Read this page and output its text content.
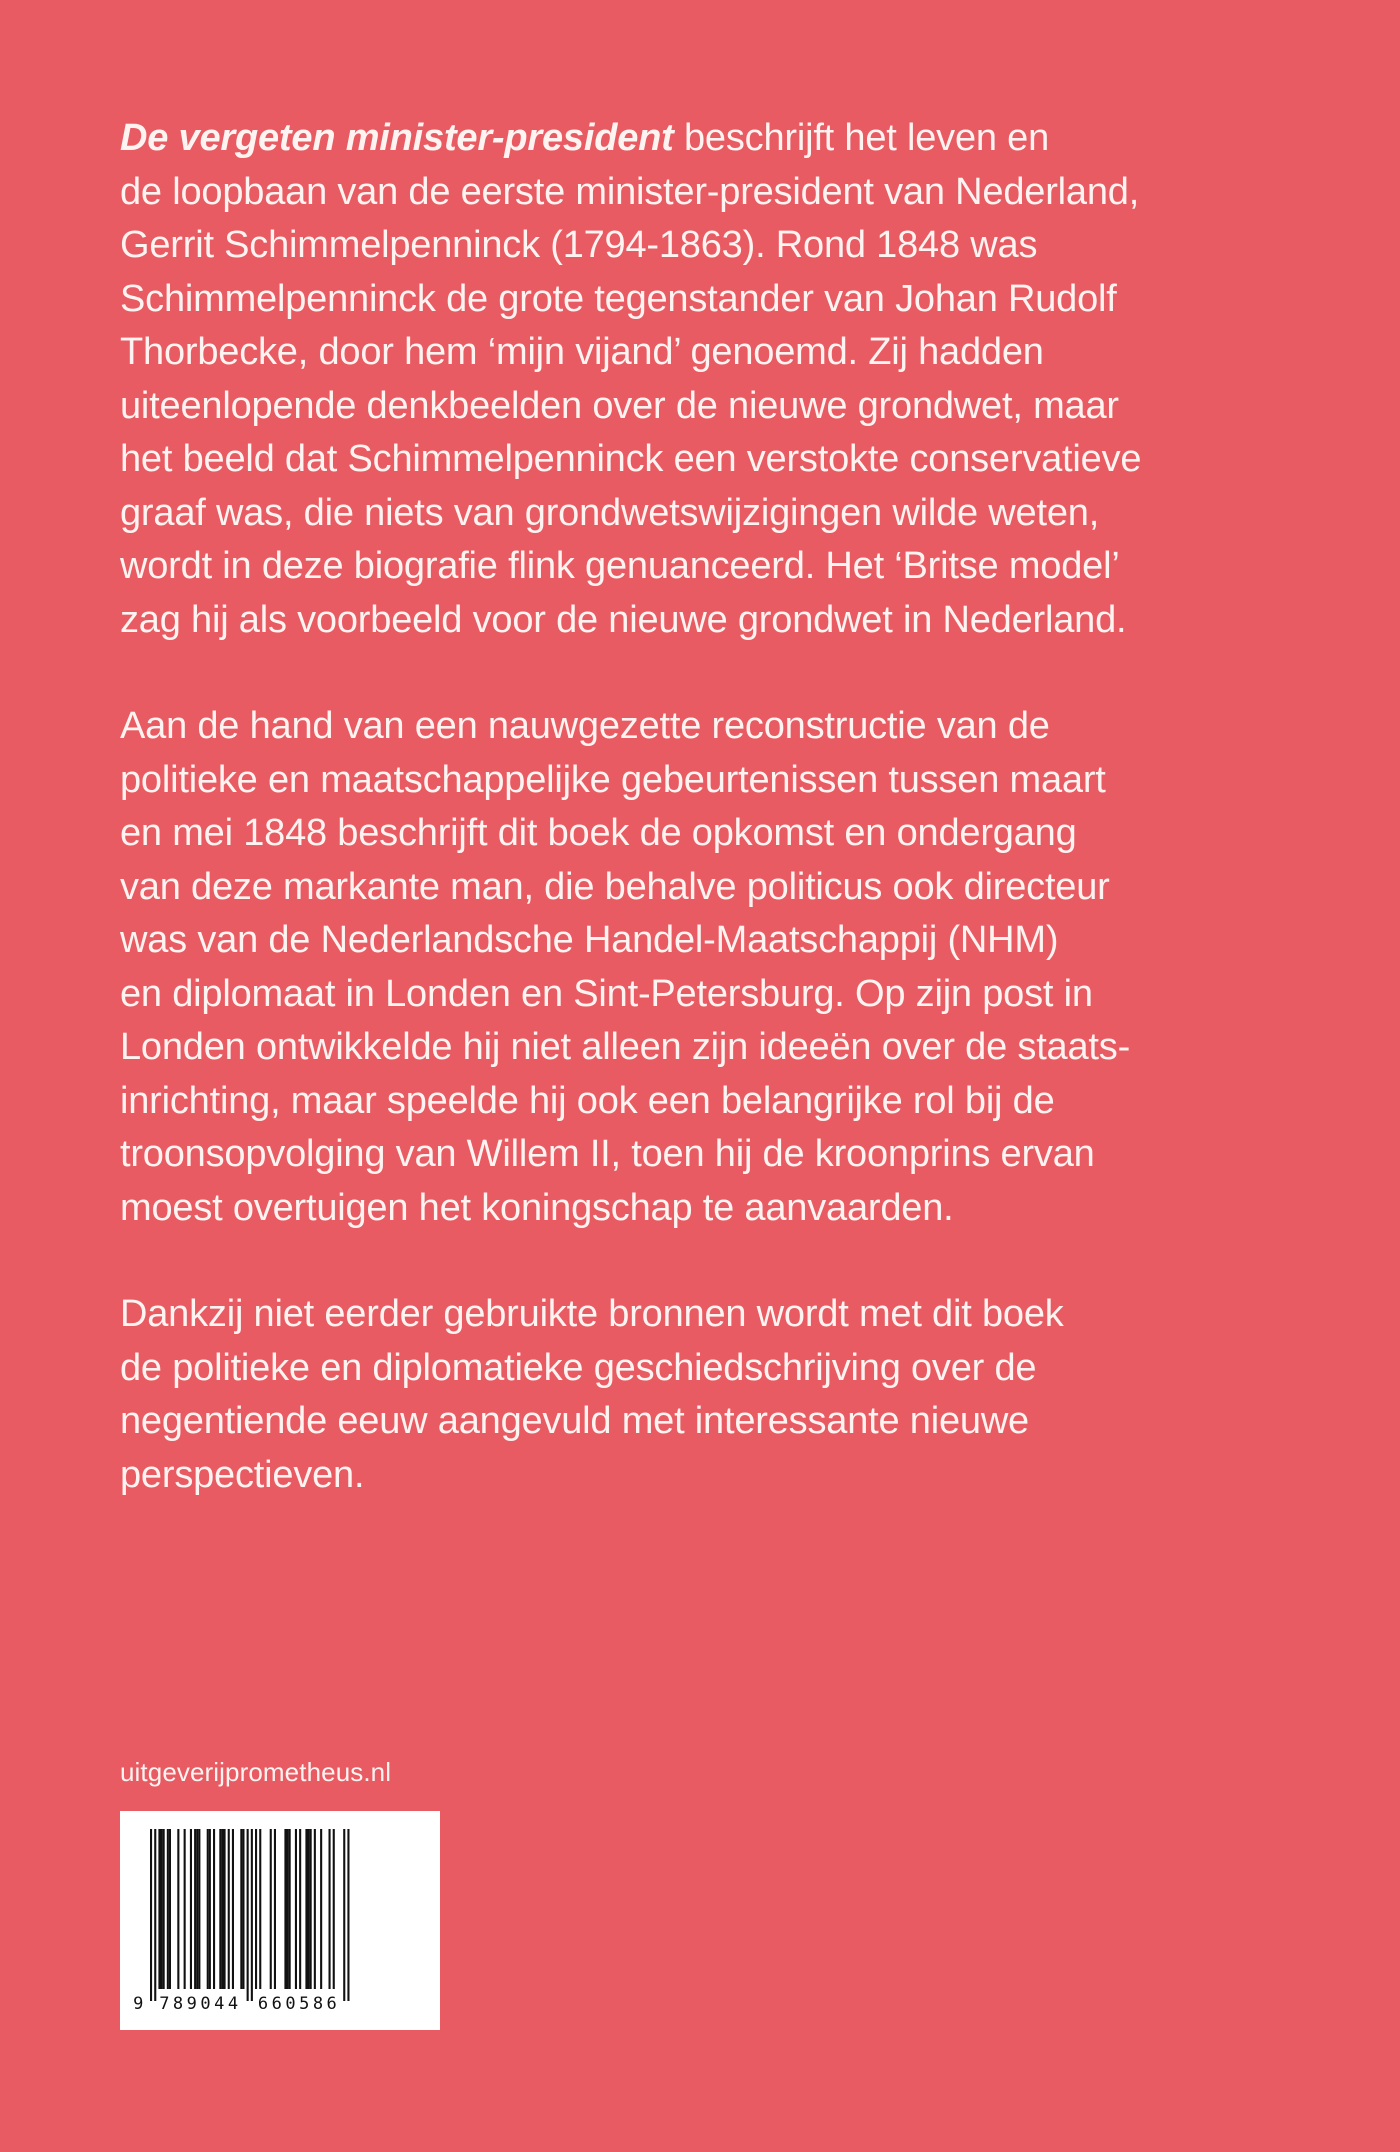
De vergeten minister-president beschrijft het leven en
de loopbaan van de eerste minister-president van Nederland,
Gerrit Schimmelpenninck (1794-1863). Rond 1848 was
Schimmelpenninck de grote tegenstander van Johan Rudolf
Thorbecke, door hem ‘mijn vijand’ genoemd. Zij hadden
uiteenlopende denkbeelden over de nieuwe grondwet, maar
het beeld dat Schimmelpenninck een verstokte conservatieve
graaf was, die niets van grondwetswijzigingen wilde weten,
wordt in deze biografie flink genuanceerd. Het ‘Britse model’
zag hij als voorbeeld voor de nieuwe grondwet in Nederland.

Aan de hand van een nauwgezette reconstructie van de
politieke en maatschappelijke gebeurtenissen tussen maart
en mei 1848 beschrijft dit boek de opkomst en ondergang
van deze markante man, die behalve politicus ook directeur
was van de Nederlandsche Handel-Maatschappij (NHM)
en diplomaat in Londen en Sint-Petersburg. Op zijn post in
Londen ontwikkelde hij niet alleen zijn ideeën over de staats-
inrichting, maar speelde hij ook een belangrijke rol bij de
troonsopvolging van Willem II, toen hij de kroonprins ervan
moest overtuigen het koningschap te aanvaarden.

Dankzij niet eerder gebruikte bronnen wordt met dit boek
de politieke en diplomatieke geschiedschrijving over de
negentiende eeuw aangevuld met interessante nieuwe
perspectieven.

uitgeverijprometheus.nl
9 789044 660586
